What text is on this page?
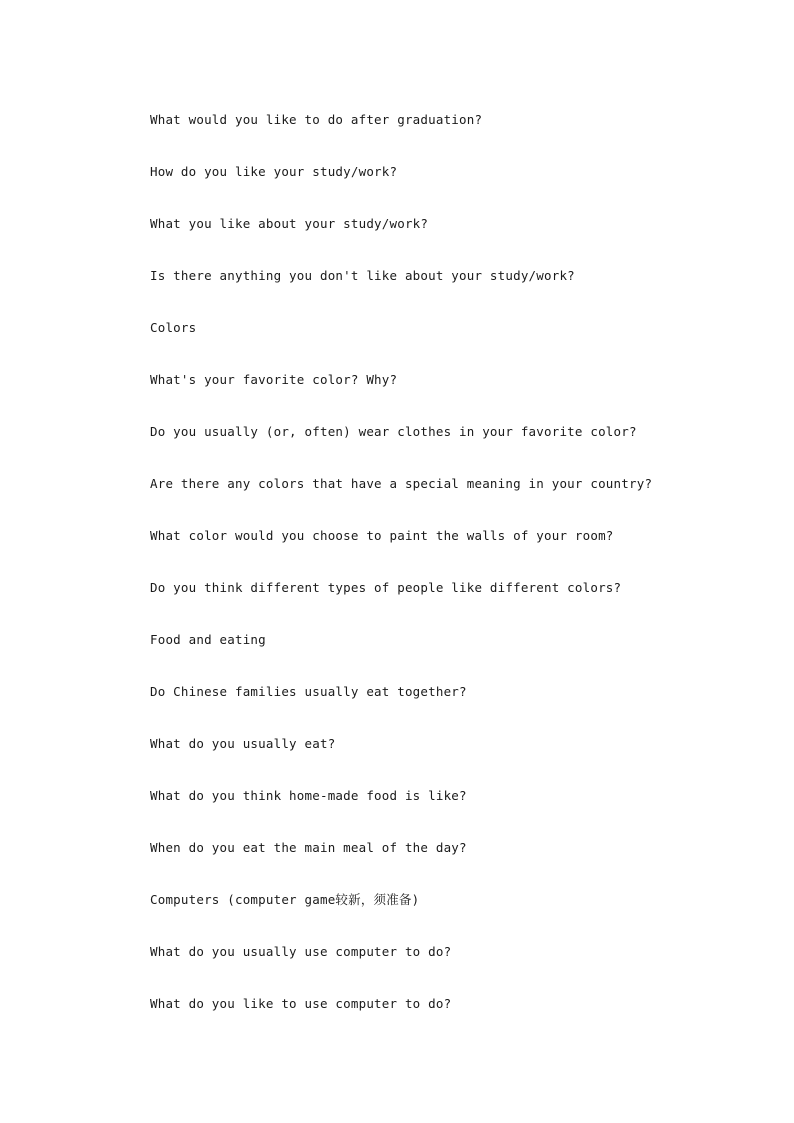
What would you like to do after graduation?
How do you like your study/work?
What you like about your study/work?
Is there anything you don't like about your study/work?
Colors
What's your favorite color? Why?
Do you usually (or, often) wear clothes in your favorite color?
Are there any colors that have a special meaning in your country?
What color would you choose to paint the walls of your room?
Do you think different types of people like different colors?
Food and eating
Do Chinese families usually eat together?
What do you usually eat?
What do you think home-made food is like?
When do you eat the main meal of the day?
Computers (computer game较新，须准备)
What do you usually use computer to do?
What do you like to use computer to do?
